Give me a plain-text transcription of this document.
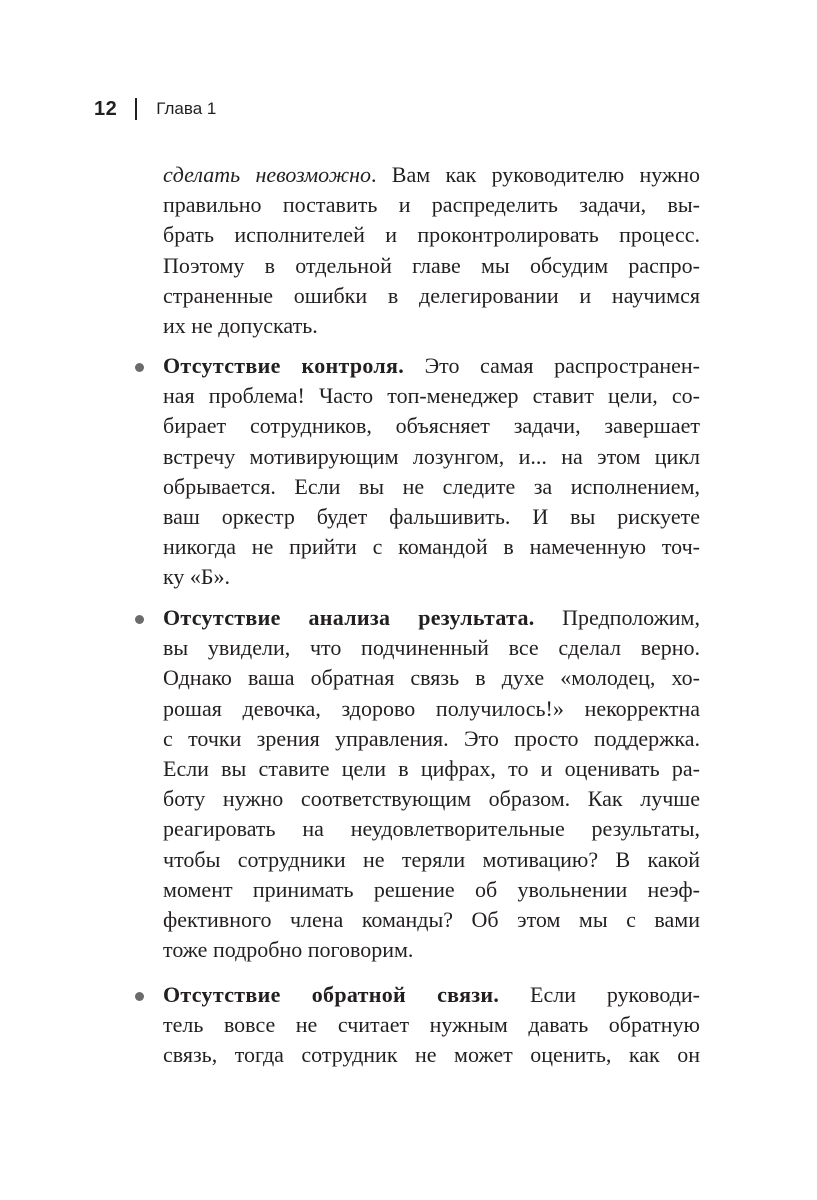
12 Глава 1
сделать невозможно. Вам как руководителю нужно
правильно поставить и распределить задачи, вы-
брать исполнителей и проконтролировать процесс.
Поэтому в отдельной главе мы обсудим распро-
страненные ошибки в делегировании и научимся
их не допускать.
Отсутствие контроля. Это самая распространен-
ная проблема! Часто топ-менеджер ставит цели, со-
бирает сотрудников, объясняет задачи, завершает
встречу мотивирующим лозунгом, и... на этом цикл
обрывается. Если вы не следите за исполнением,
ваш оркестр будет фальшивить. И вы рискуете
никогда не прийти с командой в намеченную точ-
ку «Б».
Отсутствие анализа результата. Предположим,
вы увидели, что подчиненный все сделал верно.
Однако ваша обратная связь в духе «молодец, хо-
рошая девочка, здорово получилось!» некорректна
с точки зрения управления. Это просто поддержка.
Если вы ставите цели в цифрах, то и оценивать ра-
боту нужно соответствующим образом. Как лучше
реагировать на неудовлетворительные результаты,
чтобы сотрудники не теряли мотивацию? В какой
момент принимать решение об увольнении неэф-
фективного члена команды? Об этом мы с вами
тоже подробно поговорим.
Отсутствие обратной связи. Если руководи-
тель вовсе не считает нужным давать обратную
связь, тогда сотрудник не может оценить, как он
